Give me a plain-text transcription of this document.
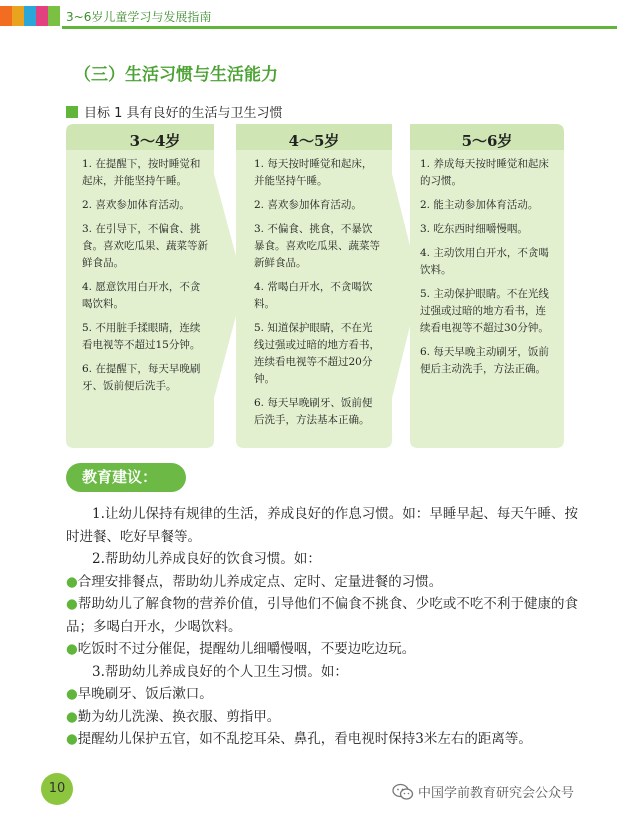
3~6岁儿童学习与发展指南
（三）生活习惯与生活能力
目标 1 具有良好的生活与卫生习惯
3～4岁
1. 在提醒下，按时睡觉和起床，并能坚持午睡。
2. 喜欢参加体育活动。
3. 在引导下，不偏食、挑食。喜欢吃瓜果、蔬菜等新鲜食品。
4. 愿意饮用白开水，不贪喝饮料。
5. 不用脏手揉眼睛，连续看电视等不超过15分钟。
6. 在提醒下，每天早晚刷牙、饭前便后洗手。
4～5岁
1. 每天按时睡觉和起床，并能坚持午睡。
2. 喜欢参加体育活动。
3. 不偏食、挑食，不暴饮暴食。喜欢吃瓜果、蔬菜等新鲜食品。
4. 常喝白开水，不贪喝饮料。
5. 知道保护眼睛，不在光线过强或过暗的地方看书，连续看电视等不超过20分钟。
6. 每天早晚刷牙、饭前便后洗手，方法基本正确。
5～6岁
1. 养成每天按时睡觉和起床的习惯。
2. 能主动参加体育活动。
3. 吃东西时细嚼慢咽。
4. 主动饮用白开水，不贪喝饮料。
5. 主动保护眼睛。不在光线过强或过暗的地方看书，连续看电视等不超过30分钟。
6. 每天早晚主动刷牙，饭前便后主动洗手，方法正确。
教育建议：

1.让幼儿保持有规律的生活，养成良好的作息习惯。如：早睡早起、每天午睡、按时进餐、吃好早餐等。

2.帮助幼儿养成良好的饮食习惯。如：

●合理安排餐点，帮助幼儿养成定点、定时、定量进餐的习惯。

●帮助幼儿了解食物的营养价值，引导他们不偏食不挑食、少吃或不吃不利于健康的食品；多喝白开水，少喝饮料。

●吃饭时不过分催促，提醒幼儿细嚼慢咽，不要边吃边玩。

3.帮助幼儿养成良好的个人卫生习惯。如：

●早晚刷牙、饭后漱口。

●勤为幼儿洗澡、换衣服、剪指甲。

●提醒幼儿保护五官，如不乱挖耳朵、鼻孔，看电视时保持3米左右的距离等。

10	中国学前教育研究会公众号
